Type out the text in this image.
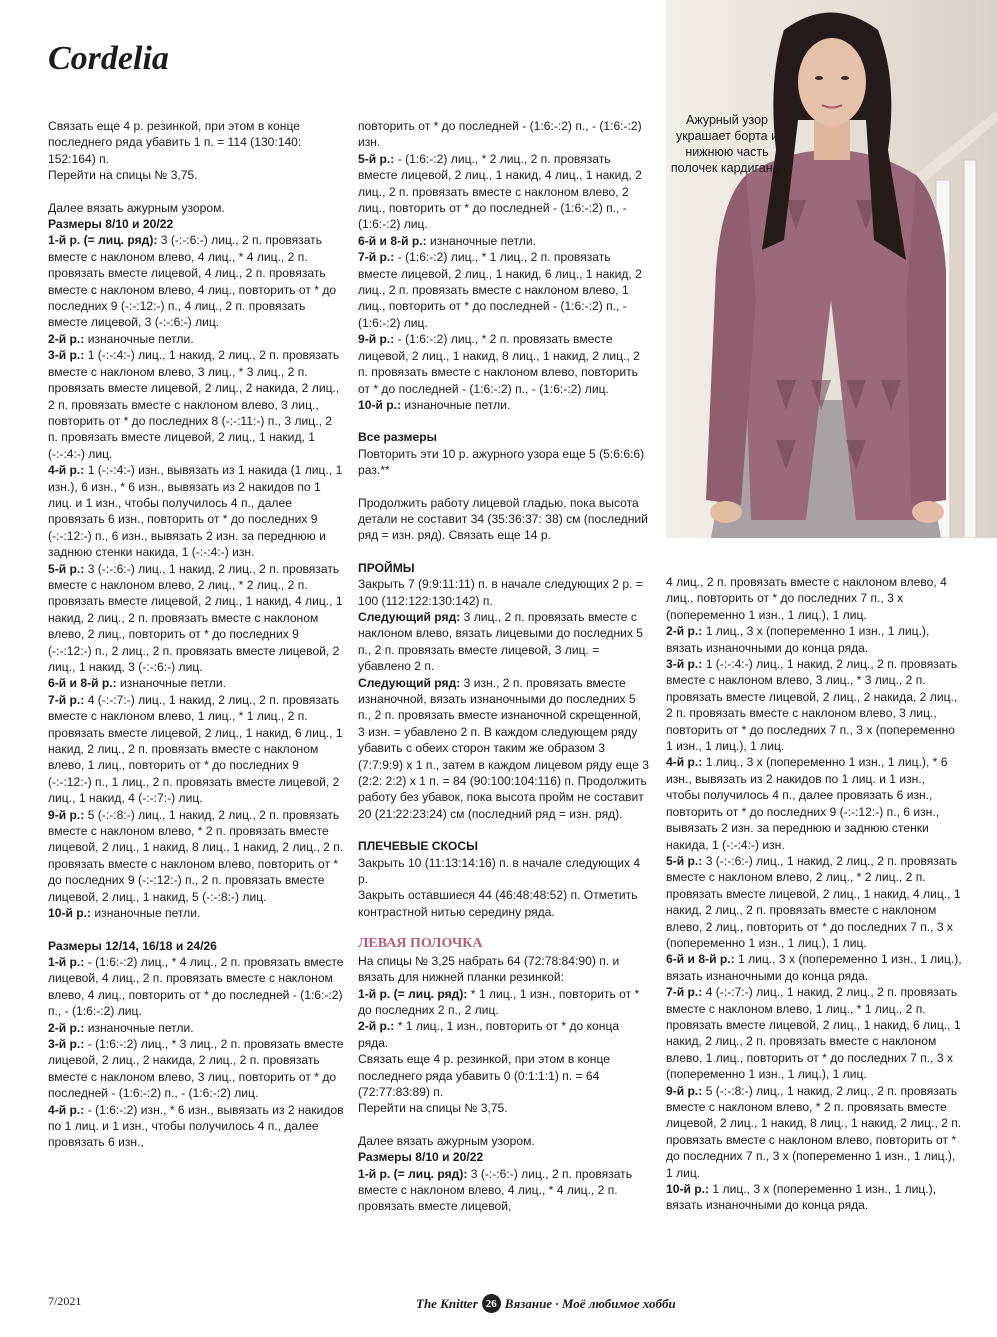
Cordelia
Ажурный узор украшает борта и нижнюю часть полочек кардигана.

Связать еще 4 р. резинкой, при этом в конце последнего ряда убавить 1 п. = 114 (130:140: 152:164) п.

Перейти на спицы № 3,75.

Далее вязать ажурным узором.

Размеры 8/10 и 20/22

1-й р. (= лиц. ряд): 3 (-:-:6:-) лиц., 2 п. провязать вместе с наклоном влево, 4 лиц., * 4 лиц., 2 п. провязать вместе лицевой, 4 лиц., 2 п. провязать вместе с наклоном влево, 4 лиц., повторить от * до последних 9 (-:-:12:-) п., 4 лиц., 2 п. провязать вместе лицевой, 3 (-:-:6:-) лиц.

2-й р.: изнаночные петли.

3-й р.: 1 (-:-:4:-) лиц., 1 накид, 2 лиц., 2 п. провязать вместе с наклоном влево, 3 лиц., * 3 лиц., 2 п. провязать вместе лицевой, 2 лиц., 2 накида, 2 лиц., 2 п. провязать вместе с наклоном влево, 3 лиц., повторить от * до последних 8 (-:-:11:-) п., 3 лиц., 2 п. провязать вместе лицевой, 2 лиц., 1 накид, 1 (-:-:4:-) лиц.

4-й р.: 1 (-:-:4:-) изн., вывязать из 1 накида (1 лиц., 1 изн.), 6 изн., * 6 изн., вывязать из 2 накидов по 1 лиц. и 1 изн., чтобы получилось 4 п., далее провязать 6 изн., повторить от * до последних 9 (-:-:12:-) п., 6 изн., вывязать 2 изн. за переднюю и заднюю стенки накида, 1 (-:-:4:-) изн.

5-й р.: 3 (-:-:6:-) лиц., 1 накид, 2 лиц., 2 п. провязать вместе с наклоном влево, 2 лиц., * 2 лиц., 2 п. провязать вместе лицевой, 2 лиц., 1 накид, 4 лиц., 1 накид, 2 лиц., 2 п. провязать вместе с наклоном влево, 2 лиц., повторить от * до последних 9 (-:-:12:-) п., 2 лиц., 2 п. провязать вместе лицевой, 2 лиц., 1 накид, 3 (-:-:6:-) лиц.

6-й и 8-й р.: изнаночные петли.

7-й р.: 4 (-:-:7:-) лиц., 1 накид, 2 лиц., 2 п. провязать вместе с наклоном влево, 1 лиц., * 1 лиц., 2 п. провязать вместе лицевой, 2 лиц., 1 накид, 6 лиц., 1 накид, 2 лиц., 2 п. провязать вместе с наклоном влево, 1 лиц., повторить от * до последних 9 (-:-:12:-) п., 1 лиц., 2 п. провязать вместе лицевой, 2 лиц., 1 накид, 4 (-:-:7:-) лиц.

9-й р.: 5 (-:-:8:-) лиц., 1 накид, 2 лиц., 2 п. провязать вместе с наклоном влево, * 2 п. провязать вместе лицевой, 2 лиц., 1 накид, 8 лиц., 1 накид, 2 лиц., 2 п. провязать вместе с наклоном влево, повторить от * до последних 9 (-:-:12:-) п., 2 п. провязать вместе лицевой, 2 лиц., 1 накид, 5 (-:-:8:-) лиц.

10-й р.: изнаночные петли.

Размеры 12/14, 16/18 и 24/26

1-й р.: - (1:6:-:2) лиц., * 4 лиц., 2 п. провязать вместе лицевой, 4 лиц., 2 п. провязать вместе с наклоном влево, 4 лиц., повторить от * до последней - (1:6:-:2) п., - (1:6:-:2) лиц.

2-й р.: изнаночные петли.

3-й р.: - (1:6:-:2) лиц., * 3 лиц., 2 п. провязать вместе лицевой, 2 лиц., 2 накида, 2 лиц., 2 п. провязать вместе с наклоном влево, 3 лиц., повторить от * до последней - (1:6:-:2) п., - (1:6:-:2) лиц.

4-й р.: - (1:6:-:2) изн., * 6 изн., вывязать из 2 накидов по 1 лиц. и 1 изн., чтобы получилось 4 п., далее провязать 6 изн.,

повторить от * до последней - (1:6:-:2) п., - (1:6:-:2) изн.

5-й р.: - (1:6:-:2) лиц., * 2 лиц., 2 п. провязать вместе лицевой, 2 лиц., 1 накид, 4 лиц., 1 накид, 2 лиц., 2 п. провязать вместе с наклоном влево, 2 лиц., повторить от * до последней - (1:6:-:2) п., - (1:6:-:2) лиц.

6-й и 8-й р.: изнаночные петли.

7-й р.: - (1:6:-:2) лиц., * 1 лиц., 2 п. провязать вместе лицевой, 2 лиц., 1 накид, 6 лиц., 1 накид, 2 лиц., 2 п. провязать вместе с наклоном влево, 1 лиц., повторить от * до последней - (1:6:-:2) п., - (1:6:-:2) лиц.

9-й р.: - (1:6:-:2) лиц., * 2 п. провязать вместе лицевой, 2 лиц., 1 накид, 8 лиц., 1 накид, 2 лиц., 2 п. провязать вместе с наклоном влево, повторить от * до последней - (1:6:-:2) п., - (1:6:-:2) лиц.

10-й р.: изнаночные петли.

Все размеры

Повторить эти 10 р. ажурного узора еще 5 (5:6:6:6) раз.**

Продолжить работу лицевой гладью, пока высота детали не составит 34 (35:36:37: 38) см (последний ряд = изн. ряд). Связать еще 14 р.

ПРОЙМЫ

Закрыть 7 (9:9:11:11) п. в начале следующих 2 р. = 100 (112:122:130:142) п.

Следующий ряд: 3 лиц., 2 п. провязать вместе с наклоном влево, вязать лицевыми до последних 5 п., 2 п. провязать вместе лицевой, 3 лиц. = убавлено 2 п.

Следующий ряд: 3 изн., 2 п. провязать вместе изнаночной, вязать изнаночными до последних 5 п., 2 п. провязать вместе изнаночной скрещенной, 3 изн. = убавлено 2 п. В каждом следующем ряду убавить с обеих сторон таким же образом 3 (7:7:9:9) х 1 п., затем в каждом лицевом ряду еще 3 (2:2: 2:2) х 1 п. = 84 (90:100:104:116) п. Продолжить работу без убавок, пока высота пройм не составит 20 (21:22:23:24) см (последний ряд = изн. ряд).

ПЛЕЧЕВЫЕ СКОСЫ

Закрыть 10 (11:13:14:16) п. в начале следующих 4 р.

Закрыть оставшиеся 44 (46:48:48:52) п. Отметить контрастной нитью середину ряда.

ЛЕВАЯ ПОЛОЧКА

На спицы № 3,25 набрать 64 (72:78:84:90) п. и вязать для нижней планки резинкой:

1-й р. (= лиц. ряд): * 1 лиц., 1 изн., повторить от * до последних 2 п., 2 лиц.

2-й р.: * 1 лиц., 1 изн., повторить от * до конца ряда.

Связать еще 4 р. резинкой, при этом в конце последнего ряда убавить 0 (0:1:1:1) п. = 64 (72:77:83:89) п.

Перейти на спицы № 3,75.

Далее вязать ажурным узором.

Размеры 8/10 и 20/22

1-й р. (= лиц. ряд): 3 (-:-:6:-) лиц., 2 п. провязать вместе с наклоном влево, 4 лиц., * 4 лиц., 2 п. провязать вместе лицевой,

4 лиц., 2 п. провязать вместе с наклоном влево, 4 лиц., повторить от * до последних 7 п., 3 х (попеременно 1 изн., 1 лиц.), 1 лиц.

2-й р.: 1 лиц., 3 х (попеременно 1 изн., 1 лиц.), вязать изнаночными до конца ряда.

3-й р.: 1 (-:-:4:-) лиц., 1 накид, 2 лиц., 2 п. провязать вместе с наклоном влево, 3 лиц., * 3 лиц., 2 п. провязать вместе лицевой, 2 лиц., 2 накида, 2 лиц., 2 п. провязать вместе с наклоном влево, 3 лиц., повторить от * до последних 7 п., 3 х (попеременно 1 изн., 1 лиц.), 1 лиц.

4-й р.: 1 лиц., 3 х (попеременно 1 изн., 1 лиц.), * 6 изн., вывязать из 2 накидов по 1 лиц. и 1 изн., чтобы получилось 4 п., далее провязать 6 изн., повторить от * до последних 9 (-:-:12:-) п., 6 изн., вывязать 2 изн. за переднюю и заднюю стенки накида, 1 (-:-:4:-) изн.

5-й р.: 3 (-:-:6:-) лиц., 1 накид, 2 лиц., 2 п. провязать вместе с наклоном влево, 2 лиц., * 2 лиц., 2 п. провязать вместе лицевой, 2 лиц., 1 накид, 4 лиц., 1 накид, 2 лиц., 2 п. провязать вместе с наклоном влево, 2 лиц., повторить от * до последних 7 п., 3 х (попеременно 1 изн., 1 лиц.), 1 лиц.

6-й и 8-й р.: 1 лиц., 3 х (попеременно 1 изн., 1 лиц.), вязать изнаночными до конца ряда.

7-й р.: 4 (-:-:7:-) лиц., 1 накид, 2 лиц., 2 п. провязать вместе с наклоном влево, 1 лиц., * 1 лиц., 2 п. провязать вместе лицевой, 2 лиц., 1 накид, 6 лиц., 1 накид, 2 лиц., 2 п. провязать вместе с наклоном влево, 1 лиц., повторить от * до последних 7 п., 3 х (попеременно 1 изн., 1 лиц.), 1 лиц.

9-й р.: 5 (-:-:8:-) лиц., 1 накид, 2 лиц., 2 п. провязать вместе с наклоном влево, * 2 п. провязать вместе лицевой, 2 лиц., 1 накид, 8 лиц., 1 накид, 2 лиц., 2 п. провязать вместе с наклоном влево, повторить от * до последних 7 п., 3 х (попеременно 1 изн., 1 лиц.), 1 лиц.

10-й р.: 1 лиц., 3 х (попеременно 1 изн., 1 лиц.), вязать изнаночными до конца ряда.

7/2021	The Knitter 26 Вязание · Моё любимое хобби
